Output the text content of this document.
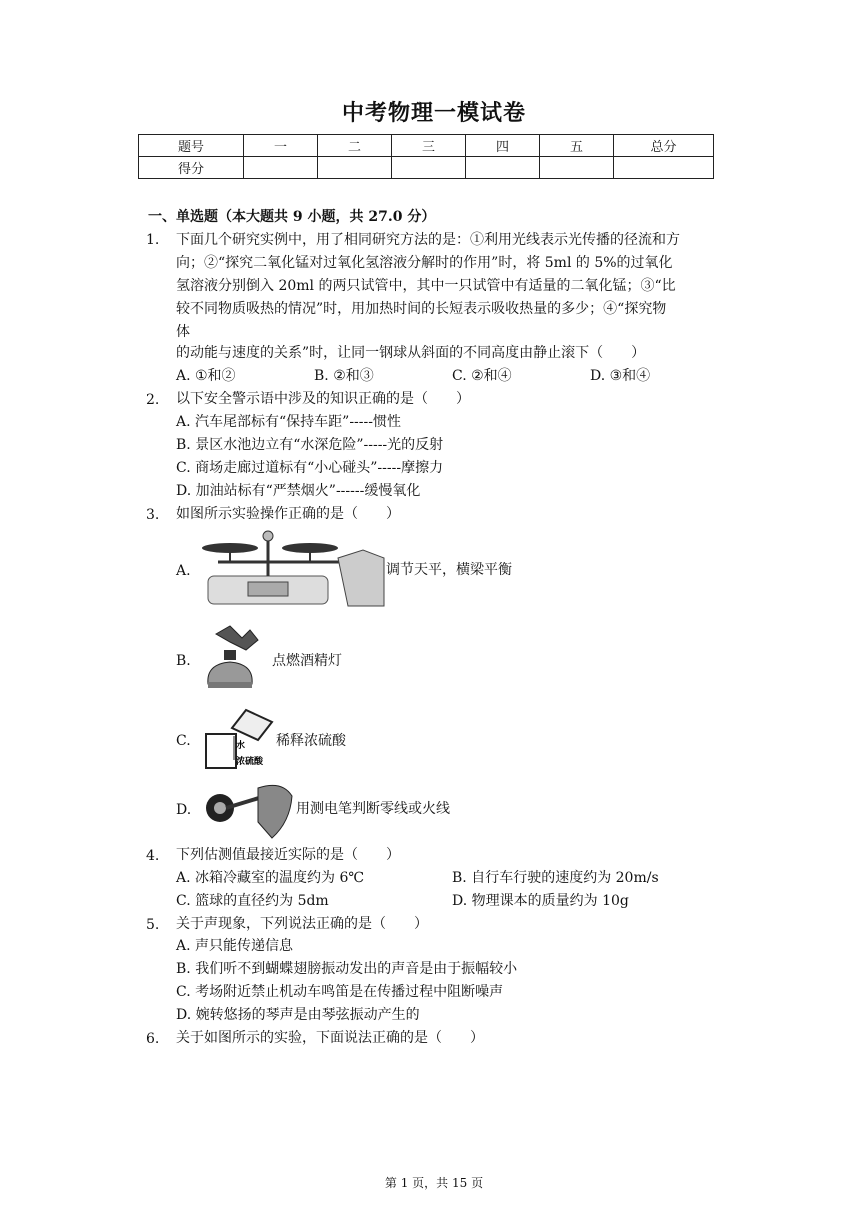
中考物理一模试卷
题号	一	二	三	四	五	总分
得分						
一、单选题（本大题共 9 小题，共 27.0 分）
1. 下面几个研究实例中，用了相同研究方法的是：①利用光线表示光传播的径流和方
向；②“探究二氧化锰对过氧化氢溶液分解时的作用”时，将 5ml 的 5%的过氧化
氢溶液分别倒入 20ml 的两只试管中，其中一只试管中有适量的二氧化锰；③“比
较不同物质吸热的情况”时，用加热时间的长短表示吸收热量的多少；④“探究物
体
的动能与速度的关系”时，让同一钢球从斜面的不同高度由静止滚下（　　）
A. ①和②	B. ②和③	C. ②和④	D. ③和④
2. 以下安全警示语中涉及的知识正确的是（　　）
A. 汽车尾部标有“保持车距”-----惯性
B. 景区水池边立有“水深危险”-----光的反射
C. 商场走廊过道标有“小心碰头”-----摩擦力
D. 加油站标有“严禁烟火”------缓慢氧化
3. 如图所示实验操作正确的是（　　）
A.	调节天平，横梁平衡
B.	点燃酒精灯
C.	水
浓硫酸
稀释浓硫酸
D.	用测电笔判断零线或火线
4. 下列估测值最接近实际的是（　　）
A. 冰箱冷藏室的温度约为 6℃	B. 自行车行驶的速度约为 20m/s
C. 篮球的直径约为 5dm	D. 物理课本的质量约为 10g
5. 关于声现象，下列说法正确的是（　　）
A. 声只能传递信息
B. 我们听不到蝴蝶翅膀振动发出的声音是由于振幅较小
C. 考场附近禁止机动车鸣笛是在传播过程中阻断噪声
D. 婉转悠扬的琴声是由琴弦振动产生的
6. 关于如图所示的实验，下面说法正确的是（　　）
第 1 页，共 15 页
